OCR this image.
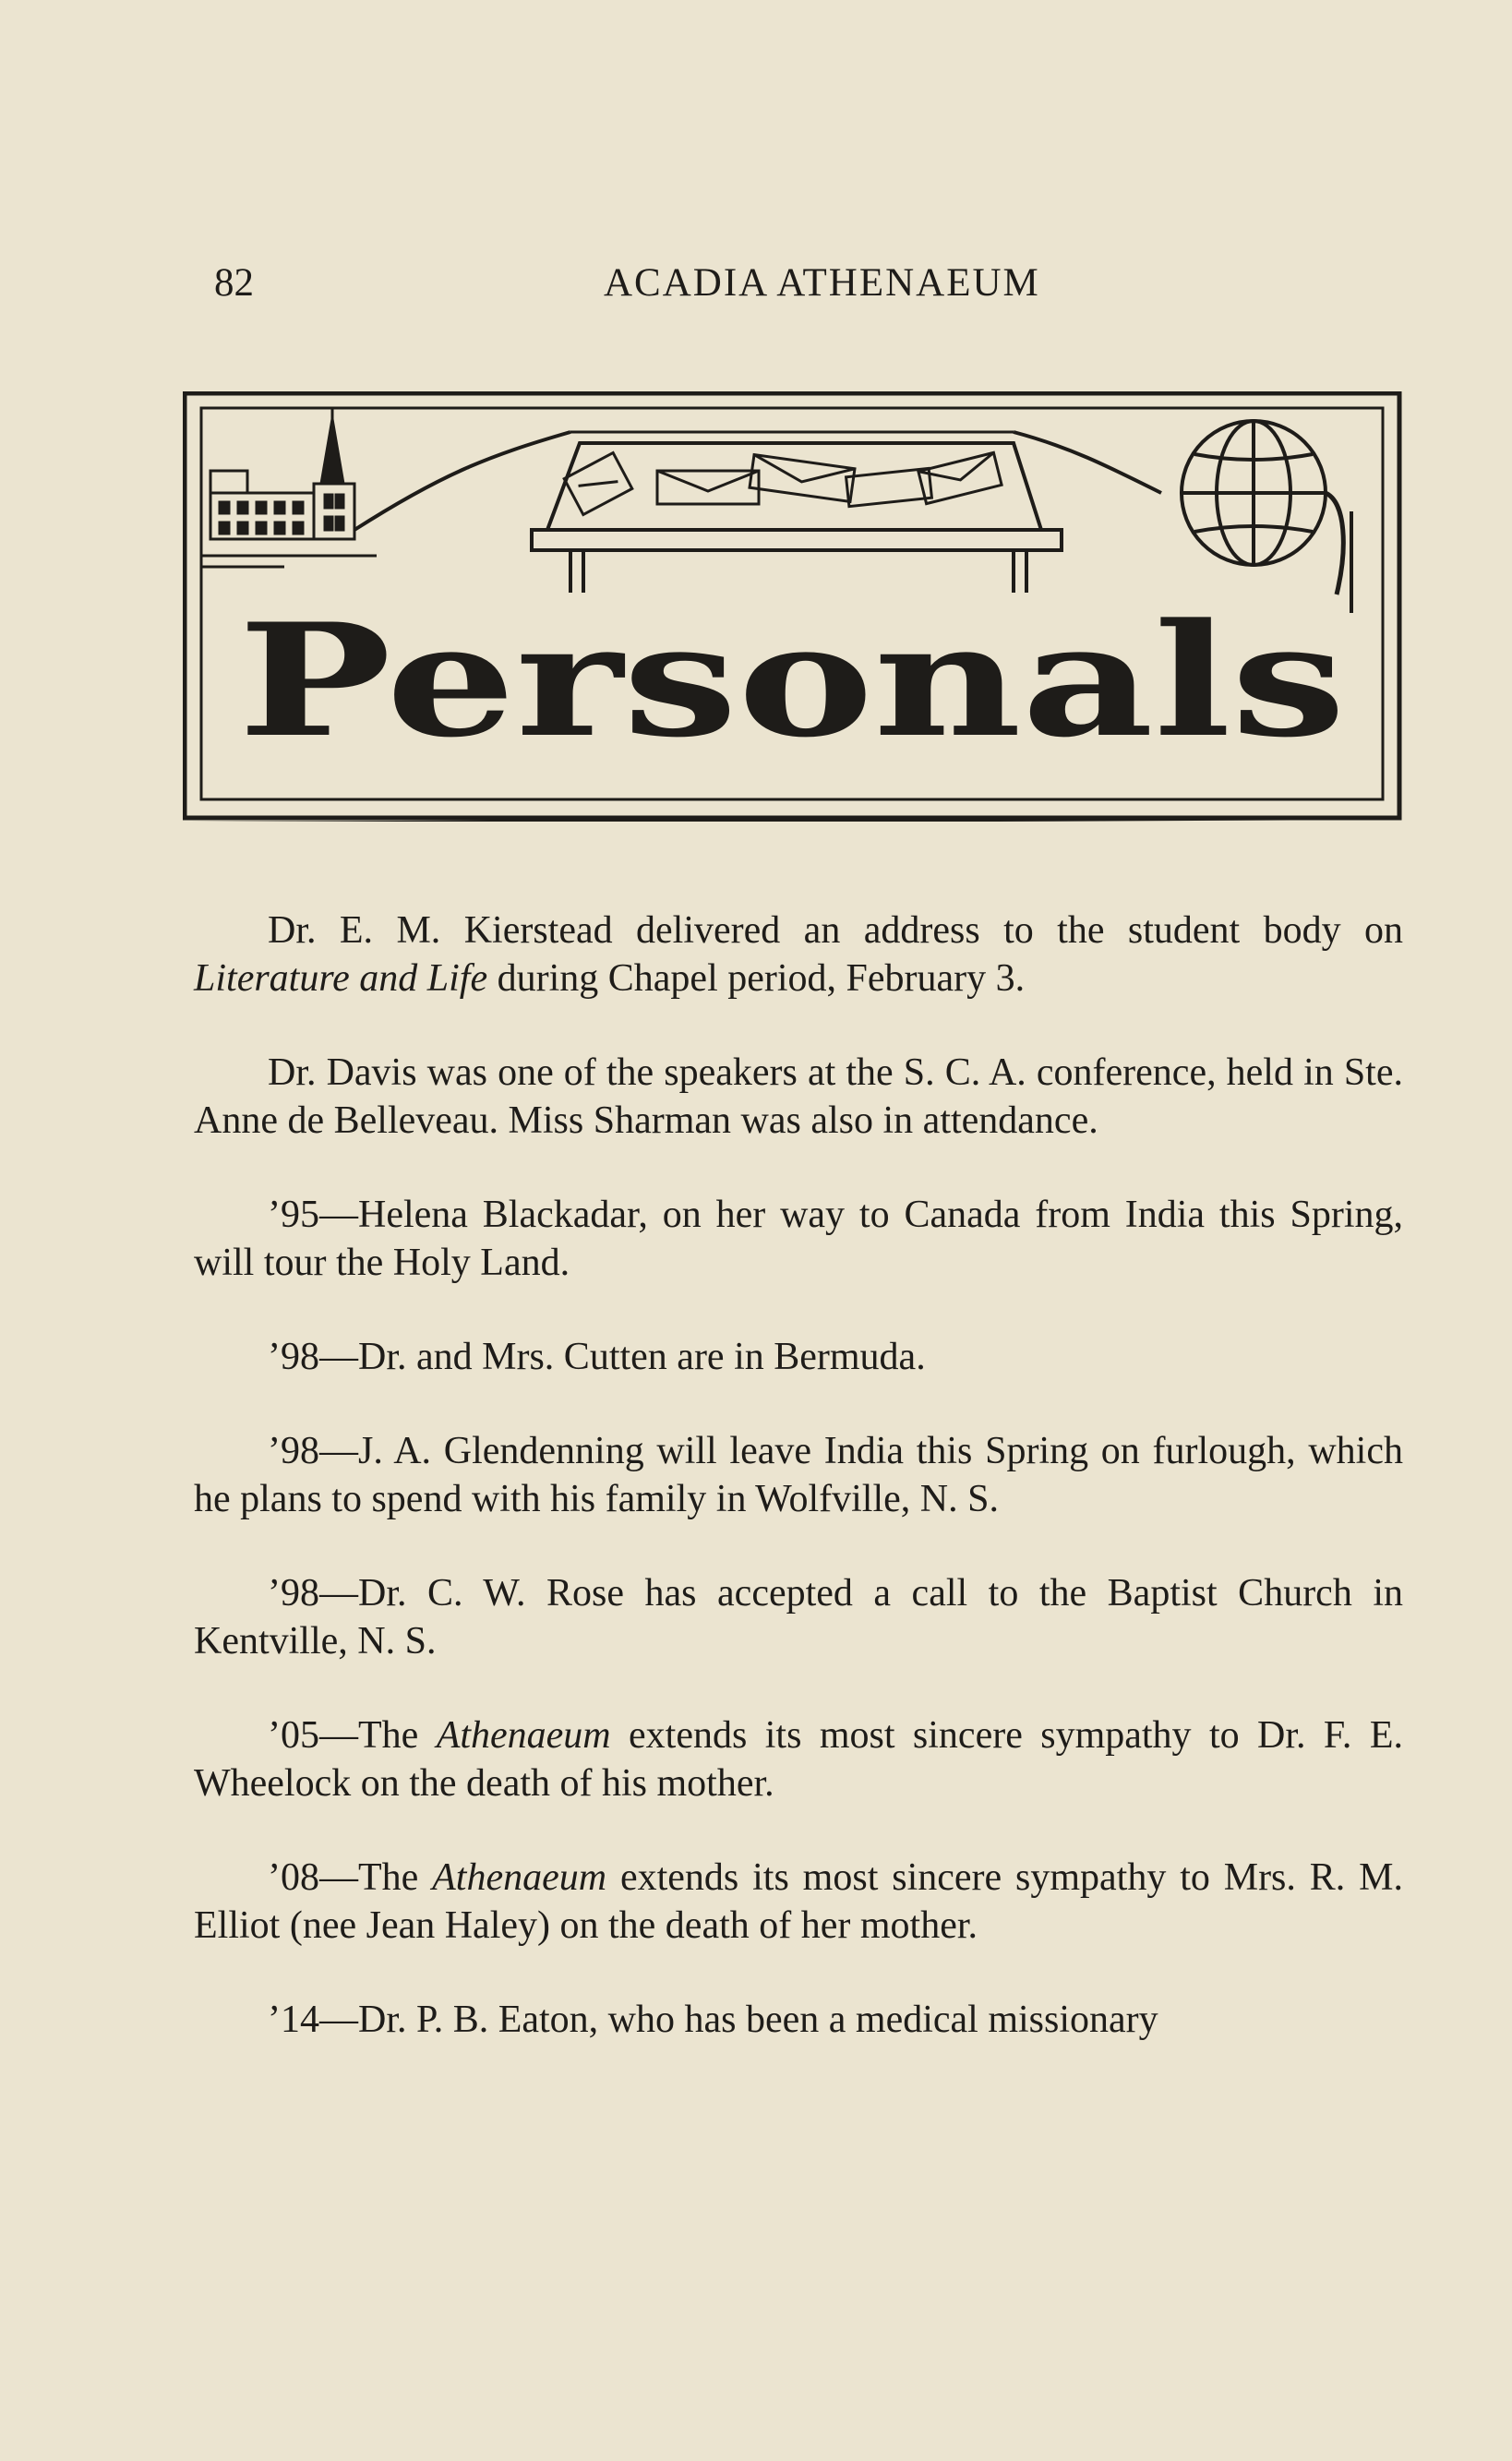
82	ACADIA ATHENAEUM
Personals

Dr. E. M. Kierstead delivered an address to the student body on Literature and Life during Chapel period, February 3.

Dr. Davis was one of the speakers at the S. C. A. conference, held in Ste. Anne de Belleveau. Miss Sharman was also in attendance.

’95—Helena Blackadar, on her way to Canada from India this Spring, will tour the Holy Land.

’98—Dr. and Mrs. Cutten are in Bermuda.

’98—J. A. Glendenning will leave India this Spring on furlough, which he plans to spend with his family in Wolfville, N. S.

’98—Dr. C. W. Rose has accepted a call to the Baptist Church in Kentville, N. S.

’05—The Athenaeum extends its most sincere sympathy to Dr. F. E. Wheelock on the death of his mother.

’08—The Athenaeum extends its most sincere sympathy to Mrs. R. M. Elliot (nee Jean Haley) on the death of her mother.

’14—Dr. P. B. Eaton, who has been a medical missionary
